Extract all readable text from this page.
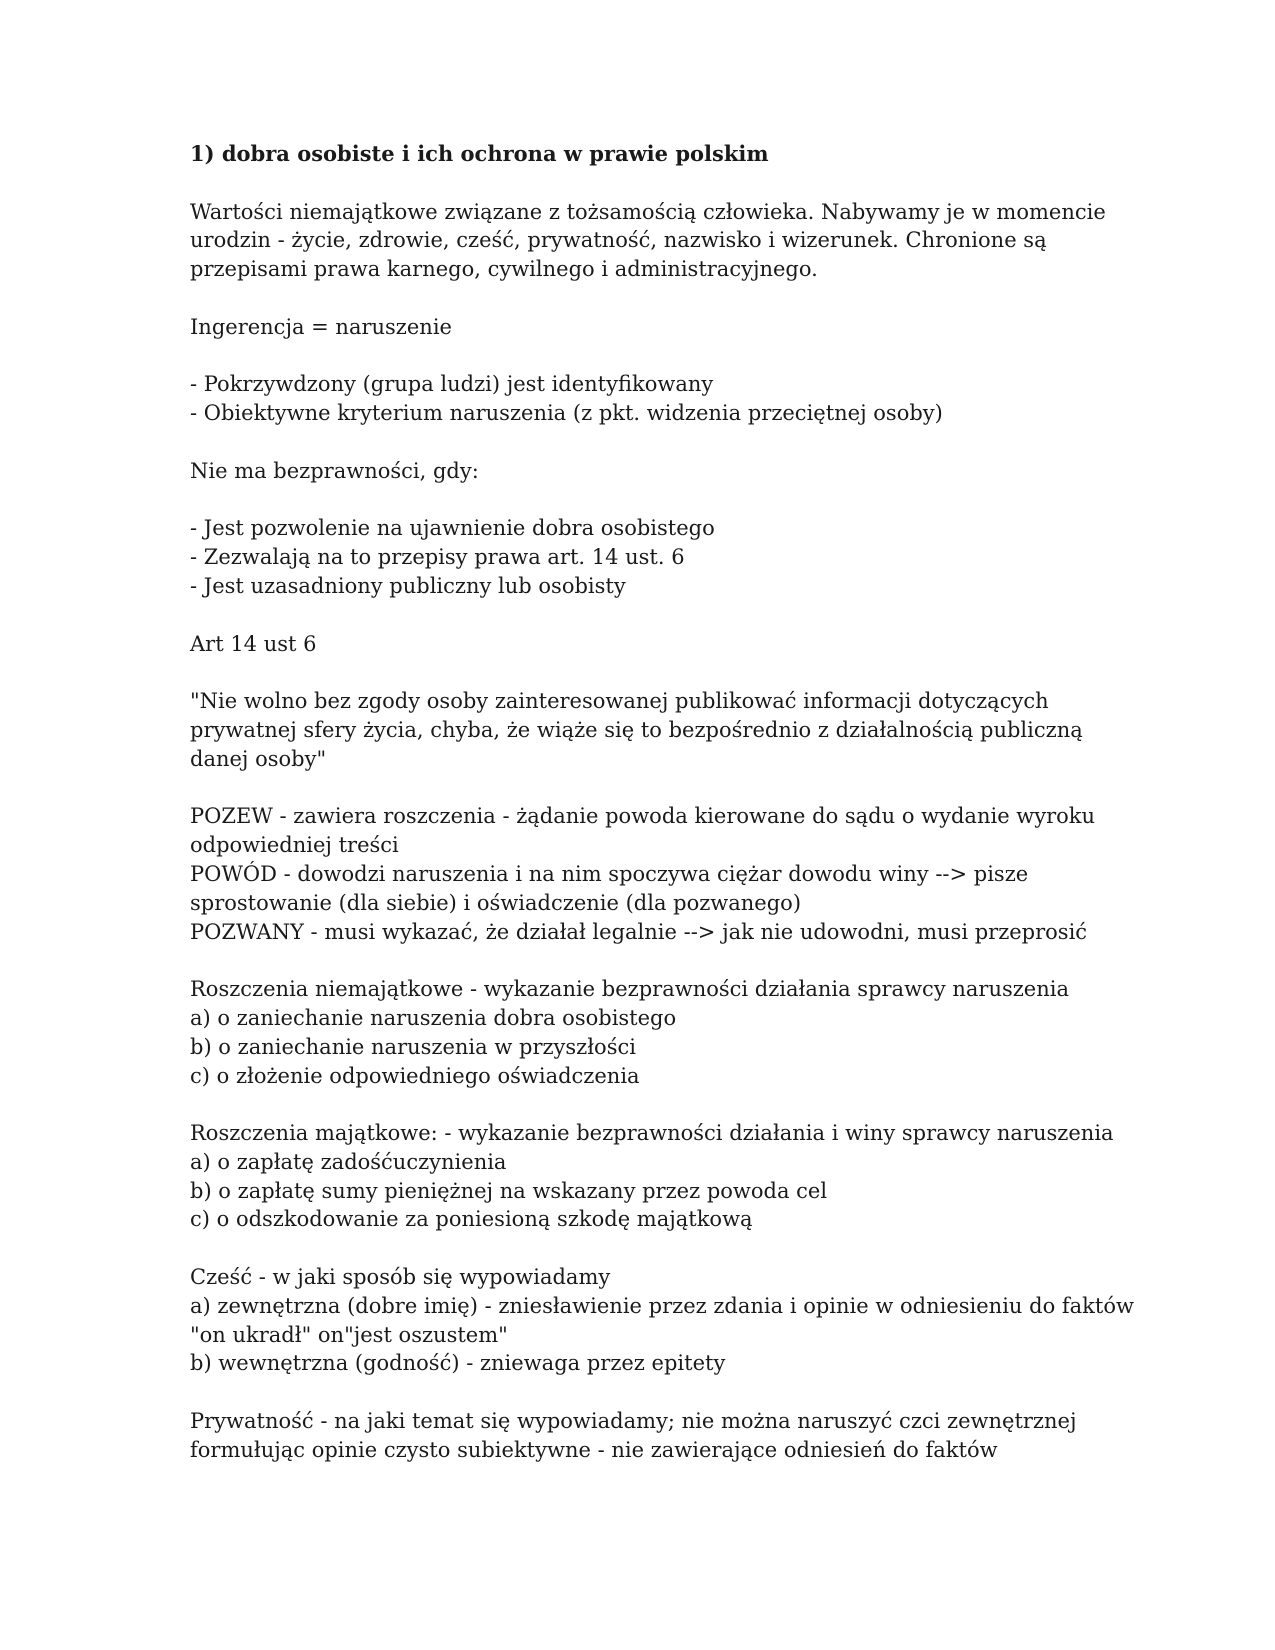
1) dobra osobiste i ich ochrona w prawie polskim
Wartości niemajątkowe związane z tożsamością człowieka. Nabywamy je w momencie
urodzin - życie, zdrowie, cześć, prywatność, nazwisko i wizerunek. Chronione są
przepisami prawa karnego, cywilnego i administracyjnego.
Ingerencja = naruszenie
- Pokrzywdzony (grupa ludzi) jest identyfikowany
- Obiektywne kryterium naruszenia (z pkt. widzenia przeciętnej osoby)
Nie ma bezprawności, gdy:
- Jest pozwolenie na ujawnienie dobra osobistego
- Zezwalają na to przepisy prawa art. 14 ust. 6
- Jest uzasadniony publiczny lub osobisty
Art 14 ust 6
"Nie wolno bez zgody osoby zainteresowanej publikować informacji dotyczących
prywatnej sfery życia, chyba, że wiąże się to bezpośrednio z działalnością publiczną
danej osoby"
POZEW - zawiera roszczenia - żądanie powoda kierowane do sądu o wydanie wyroku
odpowiedniej treści
POWÓD - dowodzi naruszenia i na nim spoczywa ciężar dowodu winy --> pisze
sprostowanie (dla siebie) i oświadczenie (dla pozwanego)
POZWANY - musi wykazać, że działał legalnie --> jak nie udowodni, musi przeprosić
Roszczenia niemajątkowe - wykazanie bezprawności działania sprawcy naruszenia
a) o zaniechanie naruszenia dobra osobistego
b) o zaniechanie naruszenia w przyszłości
c) o złożenie odpowiedniego oświadczenia
Roszczenia majątkowe: - wykazanie bezprawności działania i winy sprawcy naruszenia
a) o zapłatę zadośćuczynienia
b) o zapłatę sumy pieniężnej na wskazany przez powoda cel
c) o odszkodowanie za poniesioną szkodę majątkową
Cześć - w jaki sposób się wypowiadamy
a) zewnętrzna (dobre imię) - zniesławienie przez zdania i opinie w odniesieniu do faktów
"on ukradł" on"jest oszustem"
b) wewnętrzna (godność) - zniewaga przez epitety
Prywatność - na jaki temat się wypowiadamy; nie można naruszyć czci zewnętrznej
formułując opinie czysto subiektywne - nie zawierające odniesień do faktów
